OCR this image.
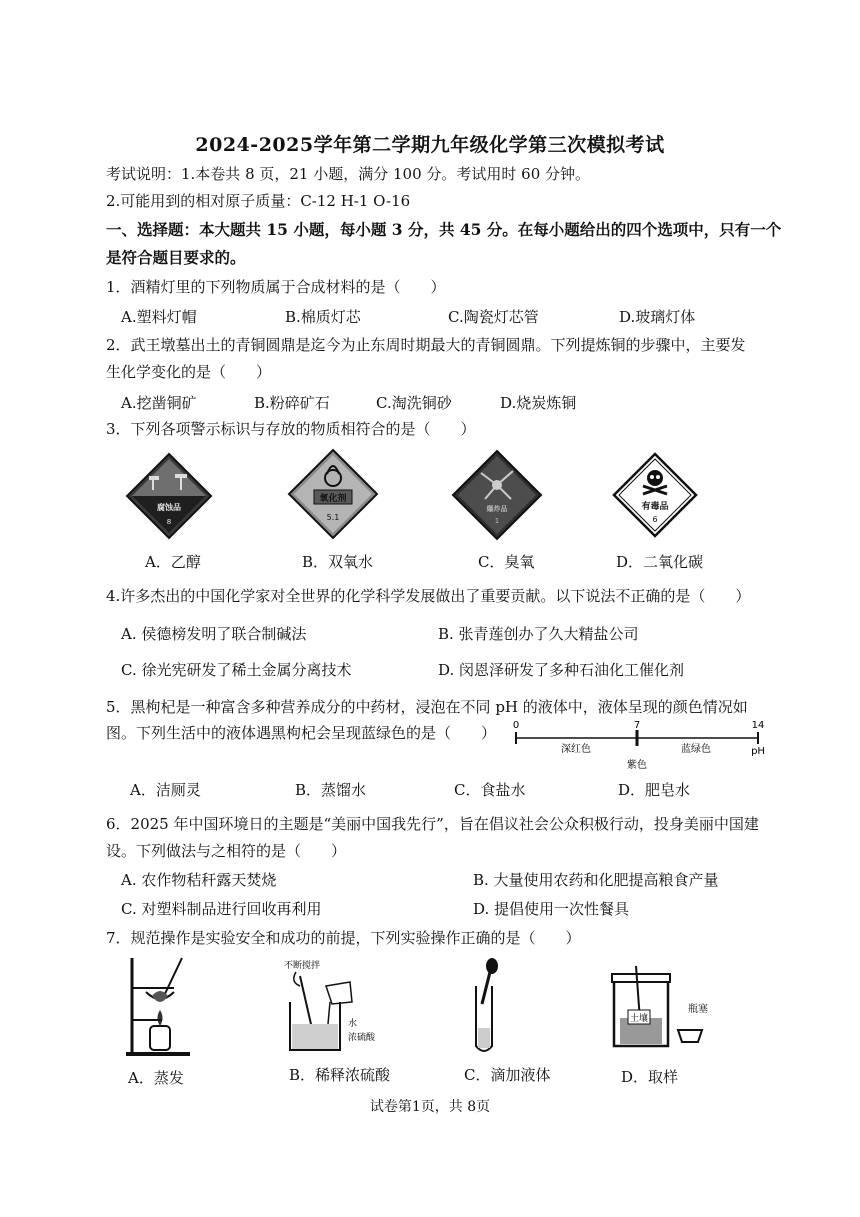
2024-2025学年第二学期九年级化学第三次模拟考试
考试说明：1.本卷共 8 页，21 小题，满分 100 分。考试用时 60 分钟。
2.可能用到的相对原子质量：C-12 H-1 O-16
一、选择题：本大题共 15 小题，每小题 3 分，共 45 分。在每小题给出的四个选项中，只有一个
是符合题目要求的。
1．酒精灯里的下列物质属于合成材料的是（　　）
A.塑料灯帽	B.棉质灯芯	C.陶瓷灯芯管	D.玻璃灯体
2．武王墩墓出土的青铜圆鼎是迄今为止东周时期最大的青铜圆鼎。下列提炼铜的步骤中，主要发
生化学变化的是（　　）
A.挖凿铜矿	B.粉碎矿石	C.淘洗铜砂	D.烧炭炼铜
3．下列各项警示标识与存放的物质相符合的是（　　）
腐蚀品
8
氧化剂
5.1
爆炸品
1
有毒品
6
A．乙醇	B．双氧水	C．臭氧	D．二氧化碳
4.许多杰出的中国化学家对全世界的化学科学发展做出了重要贡献。以下说法不正确的是（　　）
A. 侯德榜发明了联合制碱法	B. 张青莲创办了久大精盐公司
C. 徐光宪研发了稀土金属分离技术	D. 闵恩泽研发了多种石油化工催化剂
5．黑枸杞是一种富含多种营养成分的中药材，浸泡在不同 pH 的液体中，液体呈现的颜色情况如
图。下列生活中的液体遇黑枸杞会呈现蓝绿色的是（　　） 0	7	14
深红色	蓝绿色
紫色
pH
A．洁厕灵	B．蒸馏水	C．食盐水	D．肥皂水
6．2025 年中国环境日的主题是“美丽中国我先行”，旨在倡议社会公众积极行动，投身美丽中国建
设。下列做法与之相符的是（　　）
A. 农作物秸秆露天焚烧	B. 大量使用农药和化肥提高粮食产量
C. 对塑料制品进行回收再利用	D. 提倡使用一次性餐具
7．规范操作是实验安全和成功的前提，下列实验操作正确的是（　　）
不断搅拌
水
浓硫酸
土壤
瓶塞
A．蒸发	B．稀释浓硫酸	C．滴加液体	D．取样
试卷第1页，共 8页
